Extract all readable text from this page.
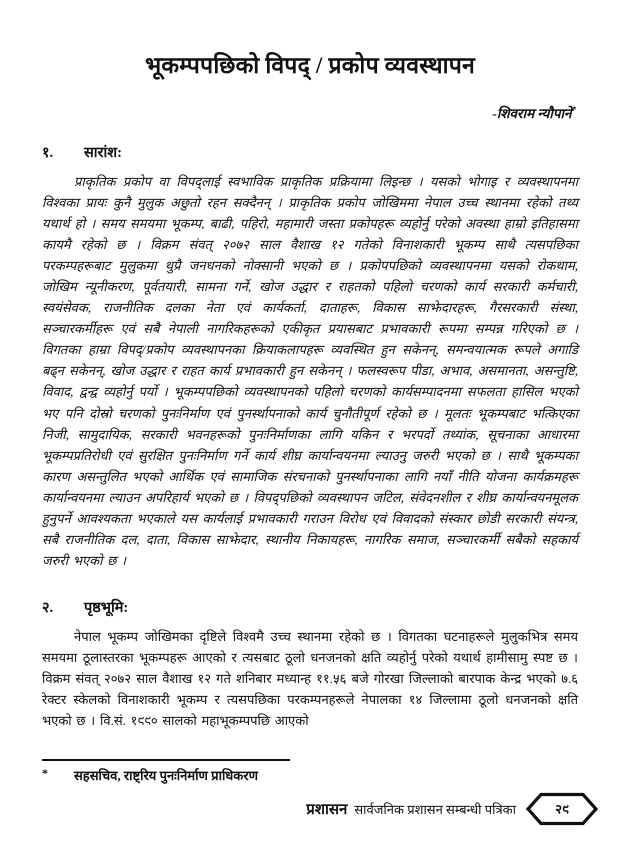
भूकम्पपछिको विपद् / प्रकोप व्यवस्थापन
-शिवराम न्यौपाने*
१.	सारांश:

प्राकृतिक प्रकोप वा विपद्लाई स्वभाविक प्राकृतिक प्रक्रियामा लिइन्छ । यसको भोगाइ र व्यवस्थापनमा विश्वका प्रायः कुनै मुलुक अछुतो रहन सक्दैनन् । प्राकृतिक प्रकोप जोखिममा नेपाल उच्च स्थानमा रहेको तथ्य यथार्थ हो । समय समयमा भूकम्प, बाढी, पहिरो, महामारी जस्ता प्रकोपहरू व्यहोर्नु परेको अवस्था हाम्रो इतिहासमा कायमै रहेको छ । विक्रम संवत् २०७२ साल वैशाख १२ गतेको विनाशकारी भूकम्प साथै त्यसपछिका परकम्पहरूबाट मुलुकमा थुप्रै जनधनको नोक्सानी भएको छ । प्रकोपपछिको व्यवस्थापनमा यसको रोकथाम, जोखिम न्यूनीकरण, पूर्वतयारी, सामना गर्ने, खोज उद्धार र राहतको पहिलो चरणको कार्य सरकारी कर्मचारी, स्वयंसेवक, राजनीतिक दलका नेता एवं कार्यकर्ता, दाताहरू, विकास साझेदारहरू, गैरसरकारी संस्था, सञ्चारकर्मीहरू एवं सबै नेपाली नागरिकहरूको एकीकृत प्रयासबाट प्रभावकारी रूपमा सम्पन्न गरिएको छ । विगतका हाम्रा विपद्/प्रकोप व्यवस्थापनका क्रियाकलापहरू व्यवस्थित हुन सकेनन्, समन्वयात्मक रूपले अगाडि बढ्न सकेनन्, खोज उद्धार र राहत कार्य प्रभावकारी हुन सकेनन् । फलस्वरूप पीडा, अभाव, असमानता, असन्तुष्टि, विवाद, द्वन्द्व व्यहोर्नु पर्यो । भूकम्पपछिको व्यवस्थापनको पहिलो चरणको कार्यसम्पादनमा सफलता हासिल भएको भए पनि दोस्रो चरणको पुनःनिर्माण एवं पुनर्स्थापनाको कार्य चुनौतीपूर्ण रहेको छ । मूलतः भूकम्पबाट भत्किएका निजी, सामुदायिक, सरकारी भवनहरूको पुनःनिर्माणका लागि यकिन र भरपर्दो तथ्यांक, सूचनाका आधारमा भूकम्पप्रतिरोधी एवं सुरक्षित पुनःनिर्माण गर्ने कार्य शीघ्र कार्यान्वयनमा ल्याउनु जरुरी भएको छ । साथै भूकम्पका कारण असन्तुलित भएको आर्थिक एवं सामाजिक संरचनाको पुनर्स्थापनाका लागि नयाँ नीति योजना कार्यक्रमहरू कार्यान्वयनमा ल्याउन अपरिहार्य भएको छ । विपद्पछिको व्यवस्थापन जटिल, संवेदनशील र शीघ्र कार्यान्वयनमूलक हुनुपर्ने आवश्यकता भएकाले यस कार्यलाई प्रभावकारी गराउन विरोध एवं विवादको संस्कार छोडी सरकारी संयन्त्र, सबै राजनीतिक दल, दाता, विकास साझेदार, स्थानीय निकायहरू, नागरिक समाज, सञ्चारकर्मी सबैको सहकार्य जरुरी भएको छ ।

२.	पृष्ठभूमि:

नेपाल भूकम्प जोखिमका दृष्टिले विश्वमै उच्च स्थानमा रहेको छ । विगतका घटनाहरूले मुलुकभित्र समय समयमा ठूलास्तरका भूकम्पहरू आएको र त्यसबाट ठूलो धनजनको क्षति व्यहोर्नु परेको यथार्थ हामीसामु स्पष्ट छ । विक्रम संवत् २०७२ साल वैशाख १२ गते शनिबार मध्यान्ह ११.५६ बजे गोरखा जिल्लाको बारपाक केन्द्र भएको ७.६ रेक्टर स्केलको विनाशकारी भूकम्प र त्यसपछिका परकम्पनहरूले नेपालका १४ जिल्लामा ठूलो धनजनको क्षति भएको छ । वि.सं. १९९० सालको महाभूकम्पपछि आएको

*	सहसचिव, राष्ट्रिय पुनःनिर्माण प्राधिकरण
प्रशासन सार्वजनिक प्रशासन सम्बन्धी पत्रिका	२९
